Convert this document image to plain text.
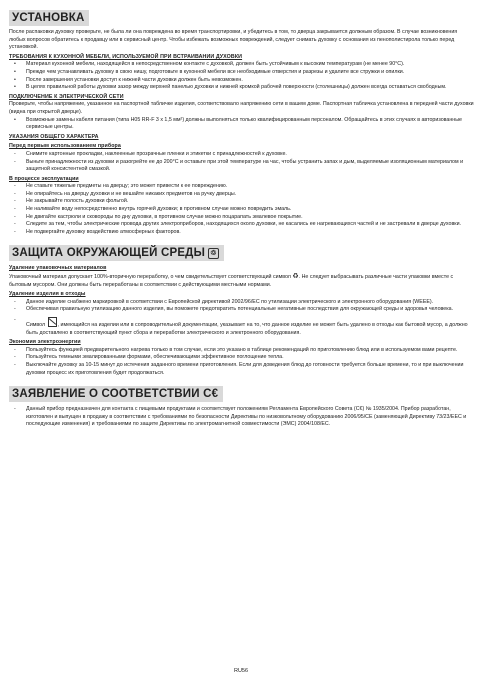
УСТАНОВКА

После распаковки духовку проверьте, не была ли она повреждена во время транспортировки, и убедитесь в том, то дверца закрывается должным образом. В случае возникновения любых вопросов обратитесь к продавцу или в сервисный центр. Чтобы избежать возможных повреждений, следует снимать духовку с основания из пенополистирола только перед установкой.

ТРЕБОВАНИЯ К КУХОННОЙ МЕБЕЛИ, ИСПОЛЬЗУЕМОЙ ПРИ ВСТРАИВАНИИ ДУХОВКИ

• Материал кухонной мебели, находящейся в непосредственном контакте с духовкой, должен быть устойчивым к высоким температурам (не менее 90°С).
• Прежде чем устанавливать духовку в свою нишу, подготовьте в кухонной мебели все необходимые отверстия и разрезы и удалите все стружки и опилки.
• После завершения установки доступ к нижней части духовки должен быть невозможен.
• В целях правильной работы духовки зазор между верхней панелью духовки и нижней кромкой рабочей поверхности (столешницы) должен всегда оставаться свободным.

ПОДКЛЮЧЕНИЕ К ЭЛЕКТРИЧЕСКОЙ СЕТИ

Проверьте, чтобы напряжение, указанное на паспортной табличке изделия, соответствовало напряжению сети в вашем доме. Паспортная табличка установлена в передней части духовки (видна при открытой дверце).

• Возможные замены кабеля питания (типа H05 RR-F 3 x 1,5 мм²) должны выполняться только квалифицированным персоналом. Обращайтесь в этих случаях в авторизованные сервисные центры.

УКАЗАНИЯ ОБЩЕГО ХАРАКТЕРА

Перед первым использованием прибора

- Снимите картонные прокладки, наклеенные прозрачные пленки и этикетки с принадлежностей к духовке.
- Выньте принадлежности из духовки и разогрейте ее до 200°С и оставьте при этой температуре на час, чтобы устранить запах и дым, выделяемые изоляционным материалом и защитной консистентной смазкой.

В процессе эксплуатации

- Не ставьте тяжелые предметы на дверцу; это может привести к ее повреждению.
- Не опирайтесь на дверцу духовки и не вешайте никаких предметов на ручку дверцы.
- Не закрывайте полость духовки фольгой.
- Не наливайте воду непосредственно внутрь горячей духовки; в противном случае можно повредить эмаль.
- Не двигайте кастрюли и сковороды по дну духовки, в противном случае можно поцарапать эмалевое покрытие.
- Следите за тем, чтобы электрические провода других электроприборов, находящихся около духовки, не касались ее нагревающихся частей и не застревали в дверце духовки.
- Не подвергайте духовку воздействию атмосферных факторов.
ЗАЩИТА ОКРУЖАЮЩЕЙ СРЕДЫ ♲

Удаление упаковочных материалов

Упаковочный материал допускает 100%-вторичную переработку, о чем свидетельствует соответствующий символ ♻. Не следует выбрасывать различные части упаковки вместе с бытовым мусором. Они должны быть переработаны в соответствии с действующими местными нормами.

Удаление изделия в отходы

- Данное изделие снабжено маркировкой в соответствии с Европейской директивой 2002/96/ЕС по утилизации электрического и электронного оборудования (WEEE).
- Обеспечивая правильную утилизацию данного изделия, вы поможете предотвратить потенциальные негативные последствия для окружающей среды и здоровья человека.
- Символ , имеющийся на изделии или в сопроводительной документации, указывает на то, что данное изделие не может быть удалено в отходы как бытовой мусор, а должно быть доставлено в соответствующий пункт сбора и переработки электрического и электронного оборудования.

Экономия электроэнергии

- Пользуйтесь функцией предварительного нагрева только в том случае, если это указано в таблице рекомендаций по приготовлению блюд или в используемом вами рецепте.
- Пользуйтесь темными эмалированными формами, обеспечивающими эффективное поглощение тепла.
- Выключайте духовку за 10-15 минут до истечения заданного времени приготовления. Если для доведения блюд до готовности требуется больше времени, то и при выключении духовки процесс их приготовления будет продолжаться.
ЗАЯВЛЕНИЕ О СООТВЕТСТВИИ C€
- Данный прибор предназначен для контакта с пищевыми продуктами и соответствует положениям Регламента Европейского Совета (C€) № 1935/2004. Прибор разработан, изготовлен и выпущен в продажу в соответствии с требованиями по безопасности Директивы по низковольтному оборудованию 2006/95/СЕ (заменяющей Директиву 73/23/ЕЕС и последующие изменения) и требованиями по защите Директивы по электромагнитной совместимости (ЭМС) 2004/108/ЕС.
RU56
